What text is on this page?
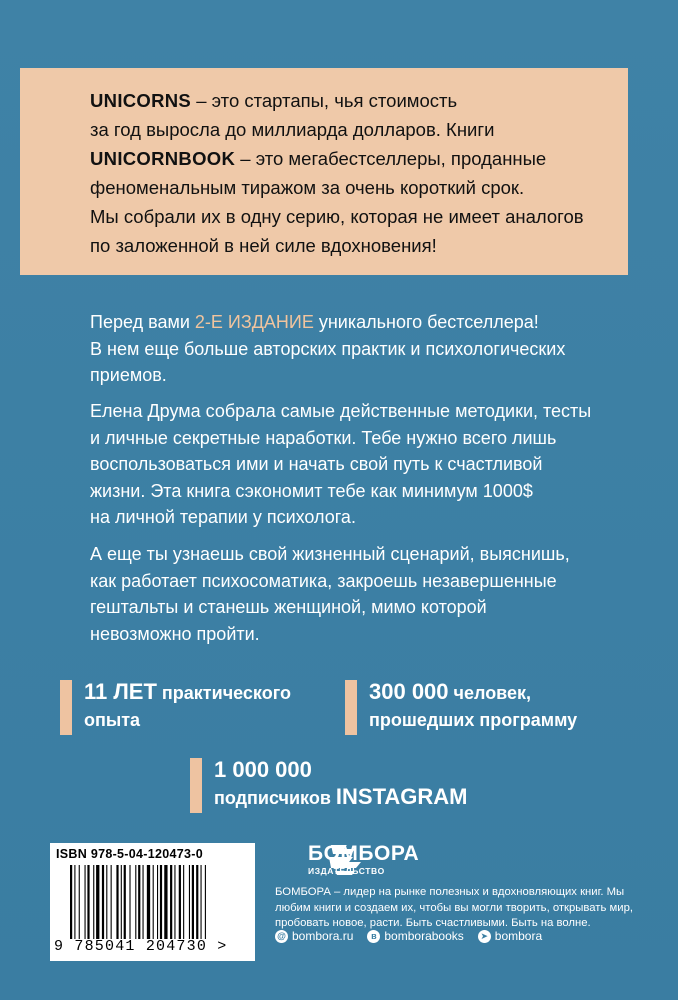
UNICORNS – это стартапы, чья стоимость
за год выросла до миллиарда долларов. Книги
UNICORNBOOK – это мегабестселлеры, проданные
феноменальным тиражом за очень короткий срок.
Мы собрали их в одну серию, которая не имеет аналогов
по заложенной в ней силе вдохновения!
Перед вами 2-Е ИЗДАНИЕ уникального бестселлера!
В нем еще больше авторских практик и психологических
приемов.
Елена Друма собрала самые действенные методики, тесты
и личные секретные наработки. Тебе нужно всего лишь
воспользоваться ими и начать свой путь к счастливой
жизни. Эта книга сэкономит тебе как минимум 1000$
на личной терапии у психолога.
А еще ты узнаешь свой жизненный сценарий, выяснишь,
как работает психосоматика, закроешь незавершенные
гештальты и станешь женщиной, мимо которой
невозможно пройти.
11 ЛЕТ практического
опыта
300 000 человек,
прошедших программу
1 000 000
подписчиков INSTAGRAM
ISBN 978-5-04-120473-0
9 785041 204730 >
БОМБОРА
ИЗДАТЕЛЬСТВО
БОМБОРА – лидер на рынке полезных и вдохновляющих книг. Мы любим книги и создаем их, чтобы вы могли творить, открывать мир, пробовать новое, расти. Быть счастливыми. Быть на волне.
@ bombora.ru	в bomborabooks	➤ bombora
